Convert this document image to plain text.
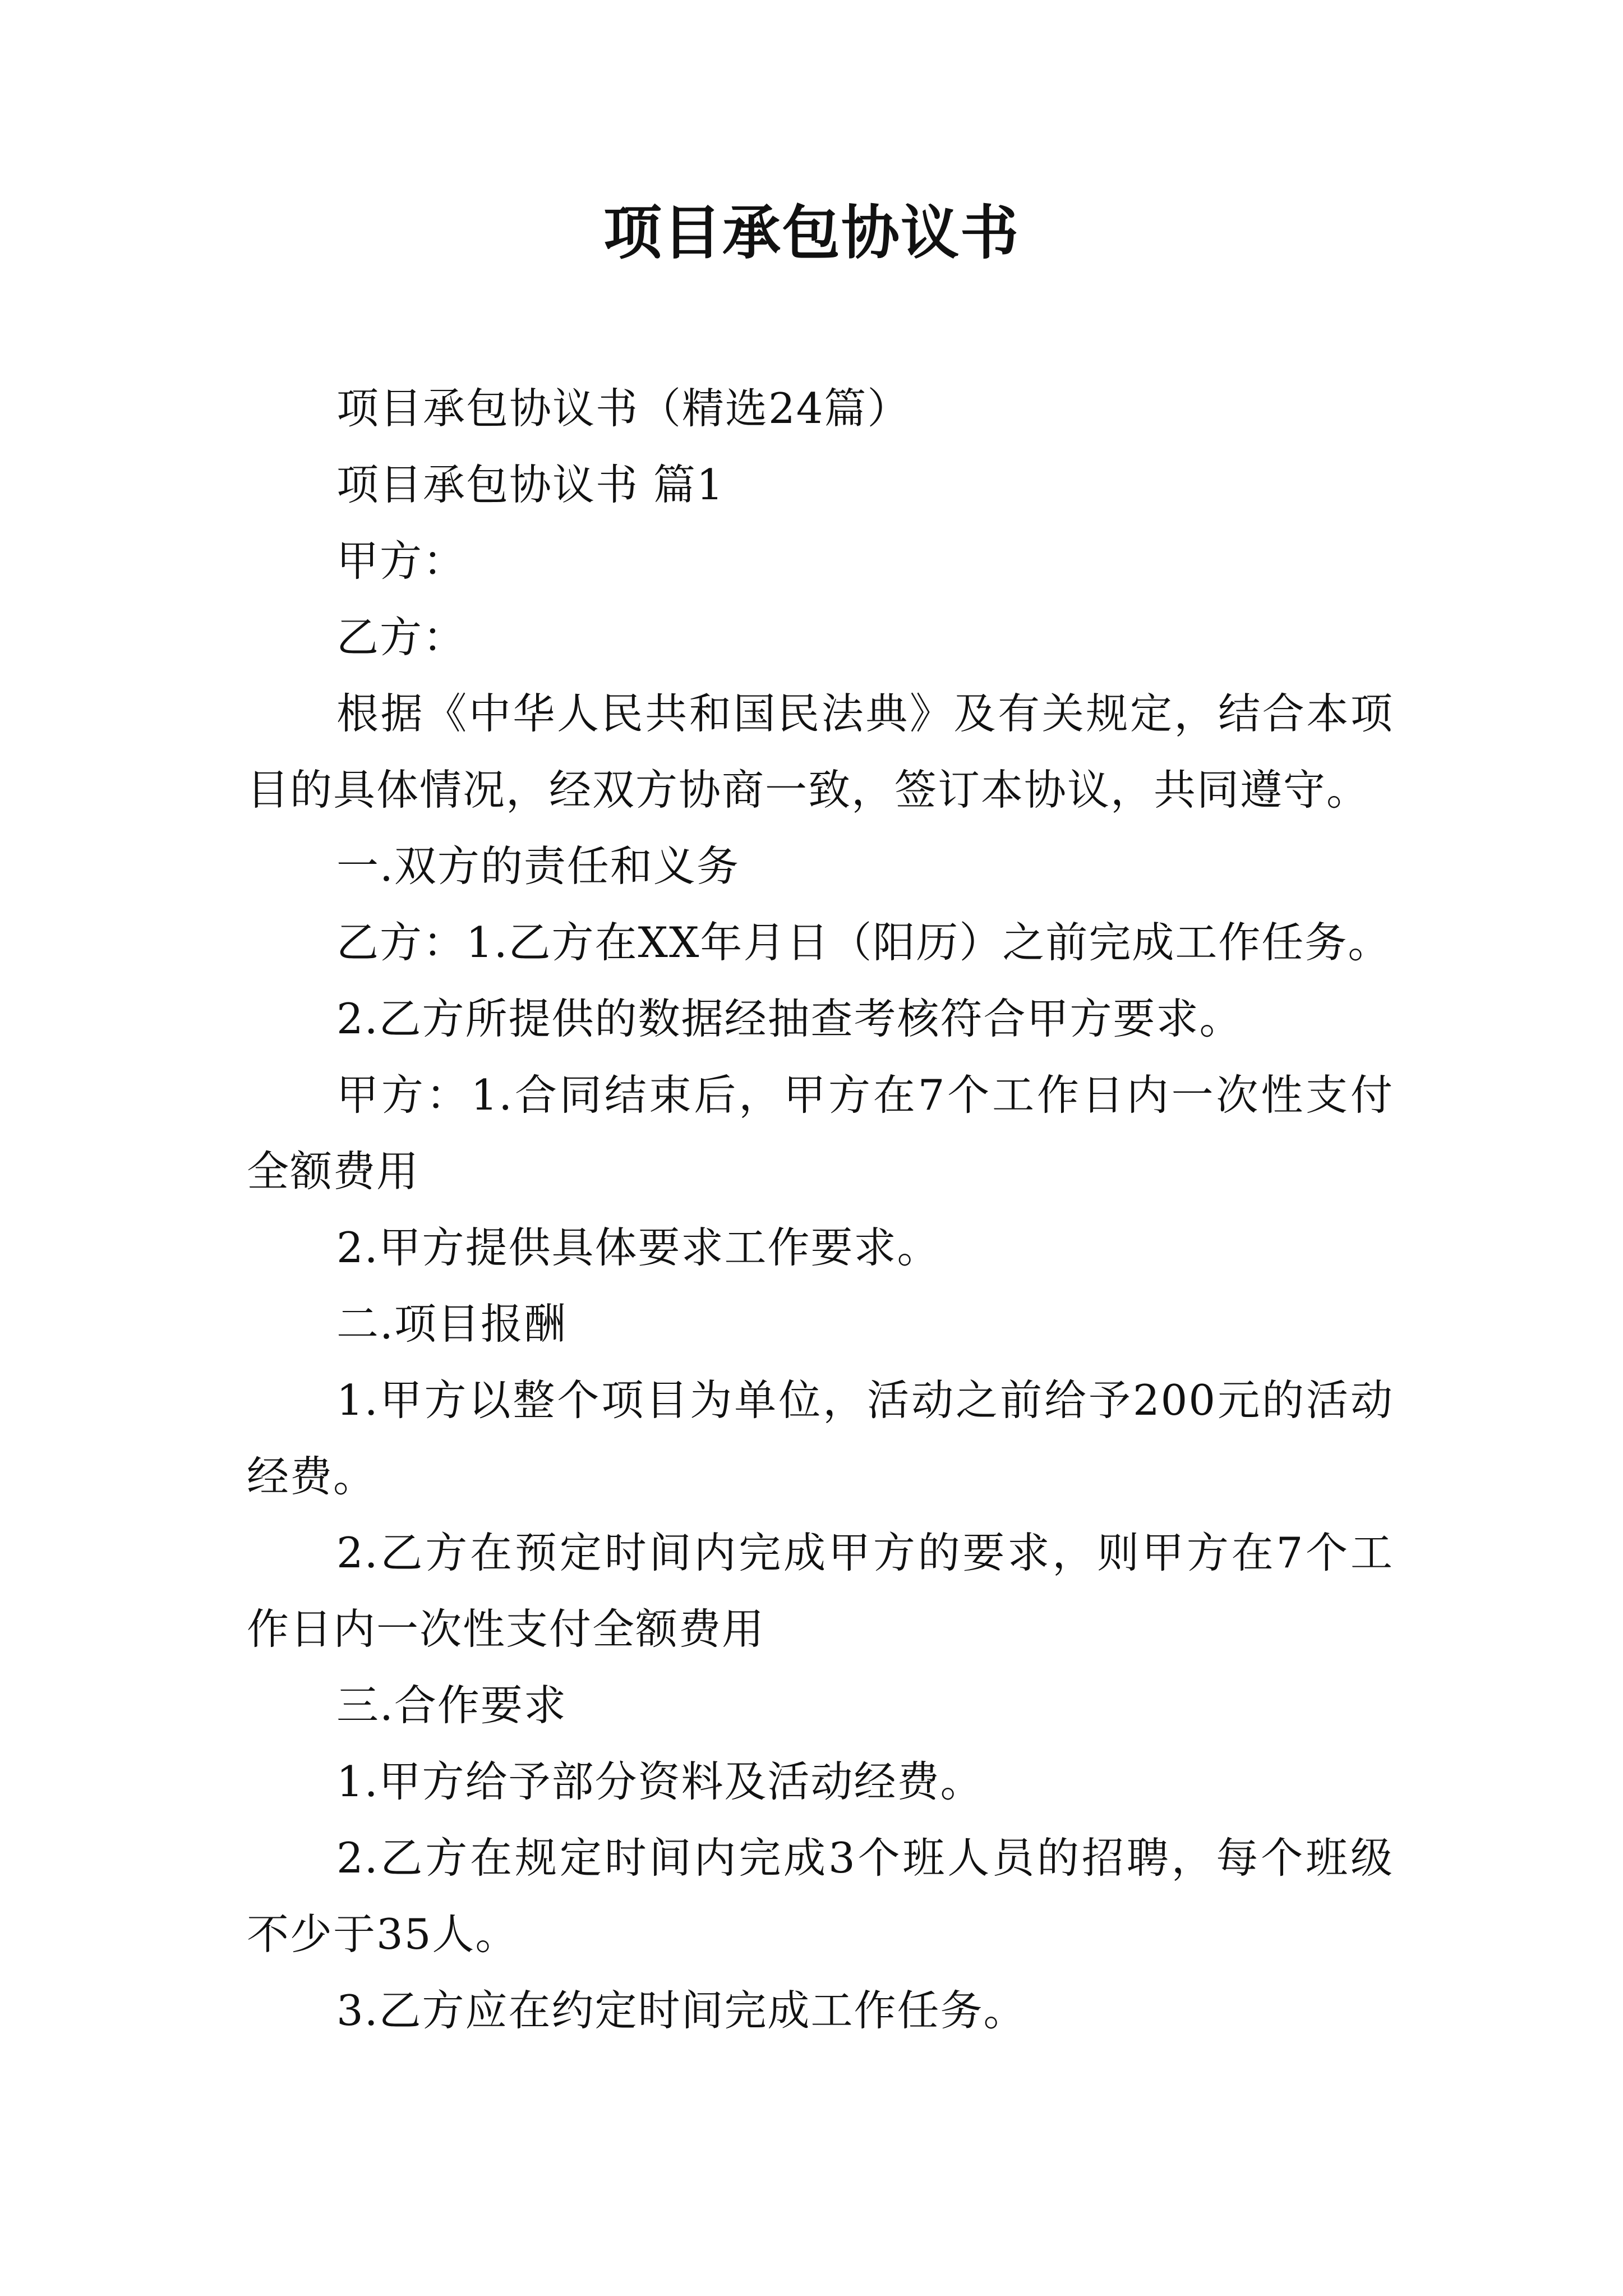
项目承包协议书

项目承包协议书（精选24篇）

项目承包协议书 篇1

甲方：

乙方：

根据《中华人民共和国民法典》及有关规定，结合本项目的具体情况，经双方协商一致，签订本协议，共同遵守。

一.双方的责任和义务

乙方：1.乙方在XX年月日（阳历）之前完成工作任务。

2.乙方所提供的数据经抽查考核符合甲方要求。

甲方：1.合同结束后，甲方在7个工作日内一次性支付全额费用

2.甲方提供具体要求工作要求。

二.项目报酬

1.甲方以整个项目为单位，活动之前给予200元的活动经费。

2.乙方在预定时间内完成甲方的要求，则甲方在7个工作日内一次性支付全额费用

三.合作要求

1.甲方给予部分资料及活动经费。

2.乙方在规定时间内完成3个班人员的招聘，每个班级不少于35人。

3.乙方应在约定时间完成工作任务。
